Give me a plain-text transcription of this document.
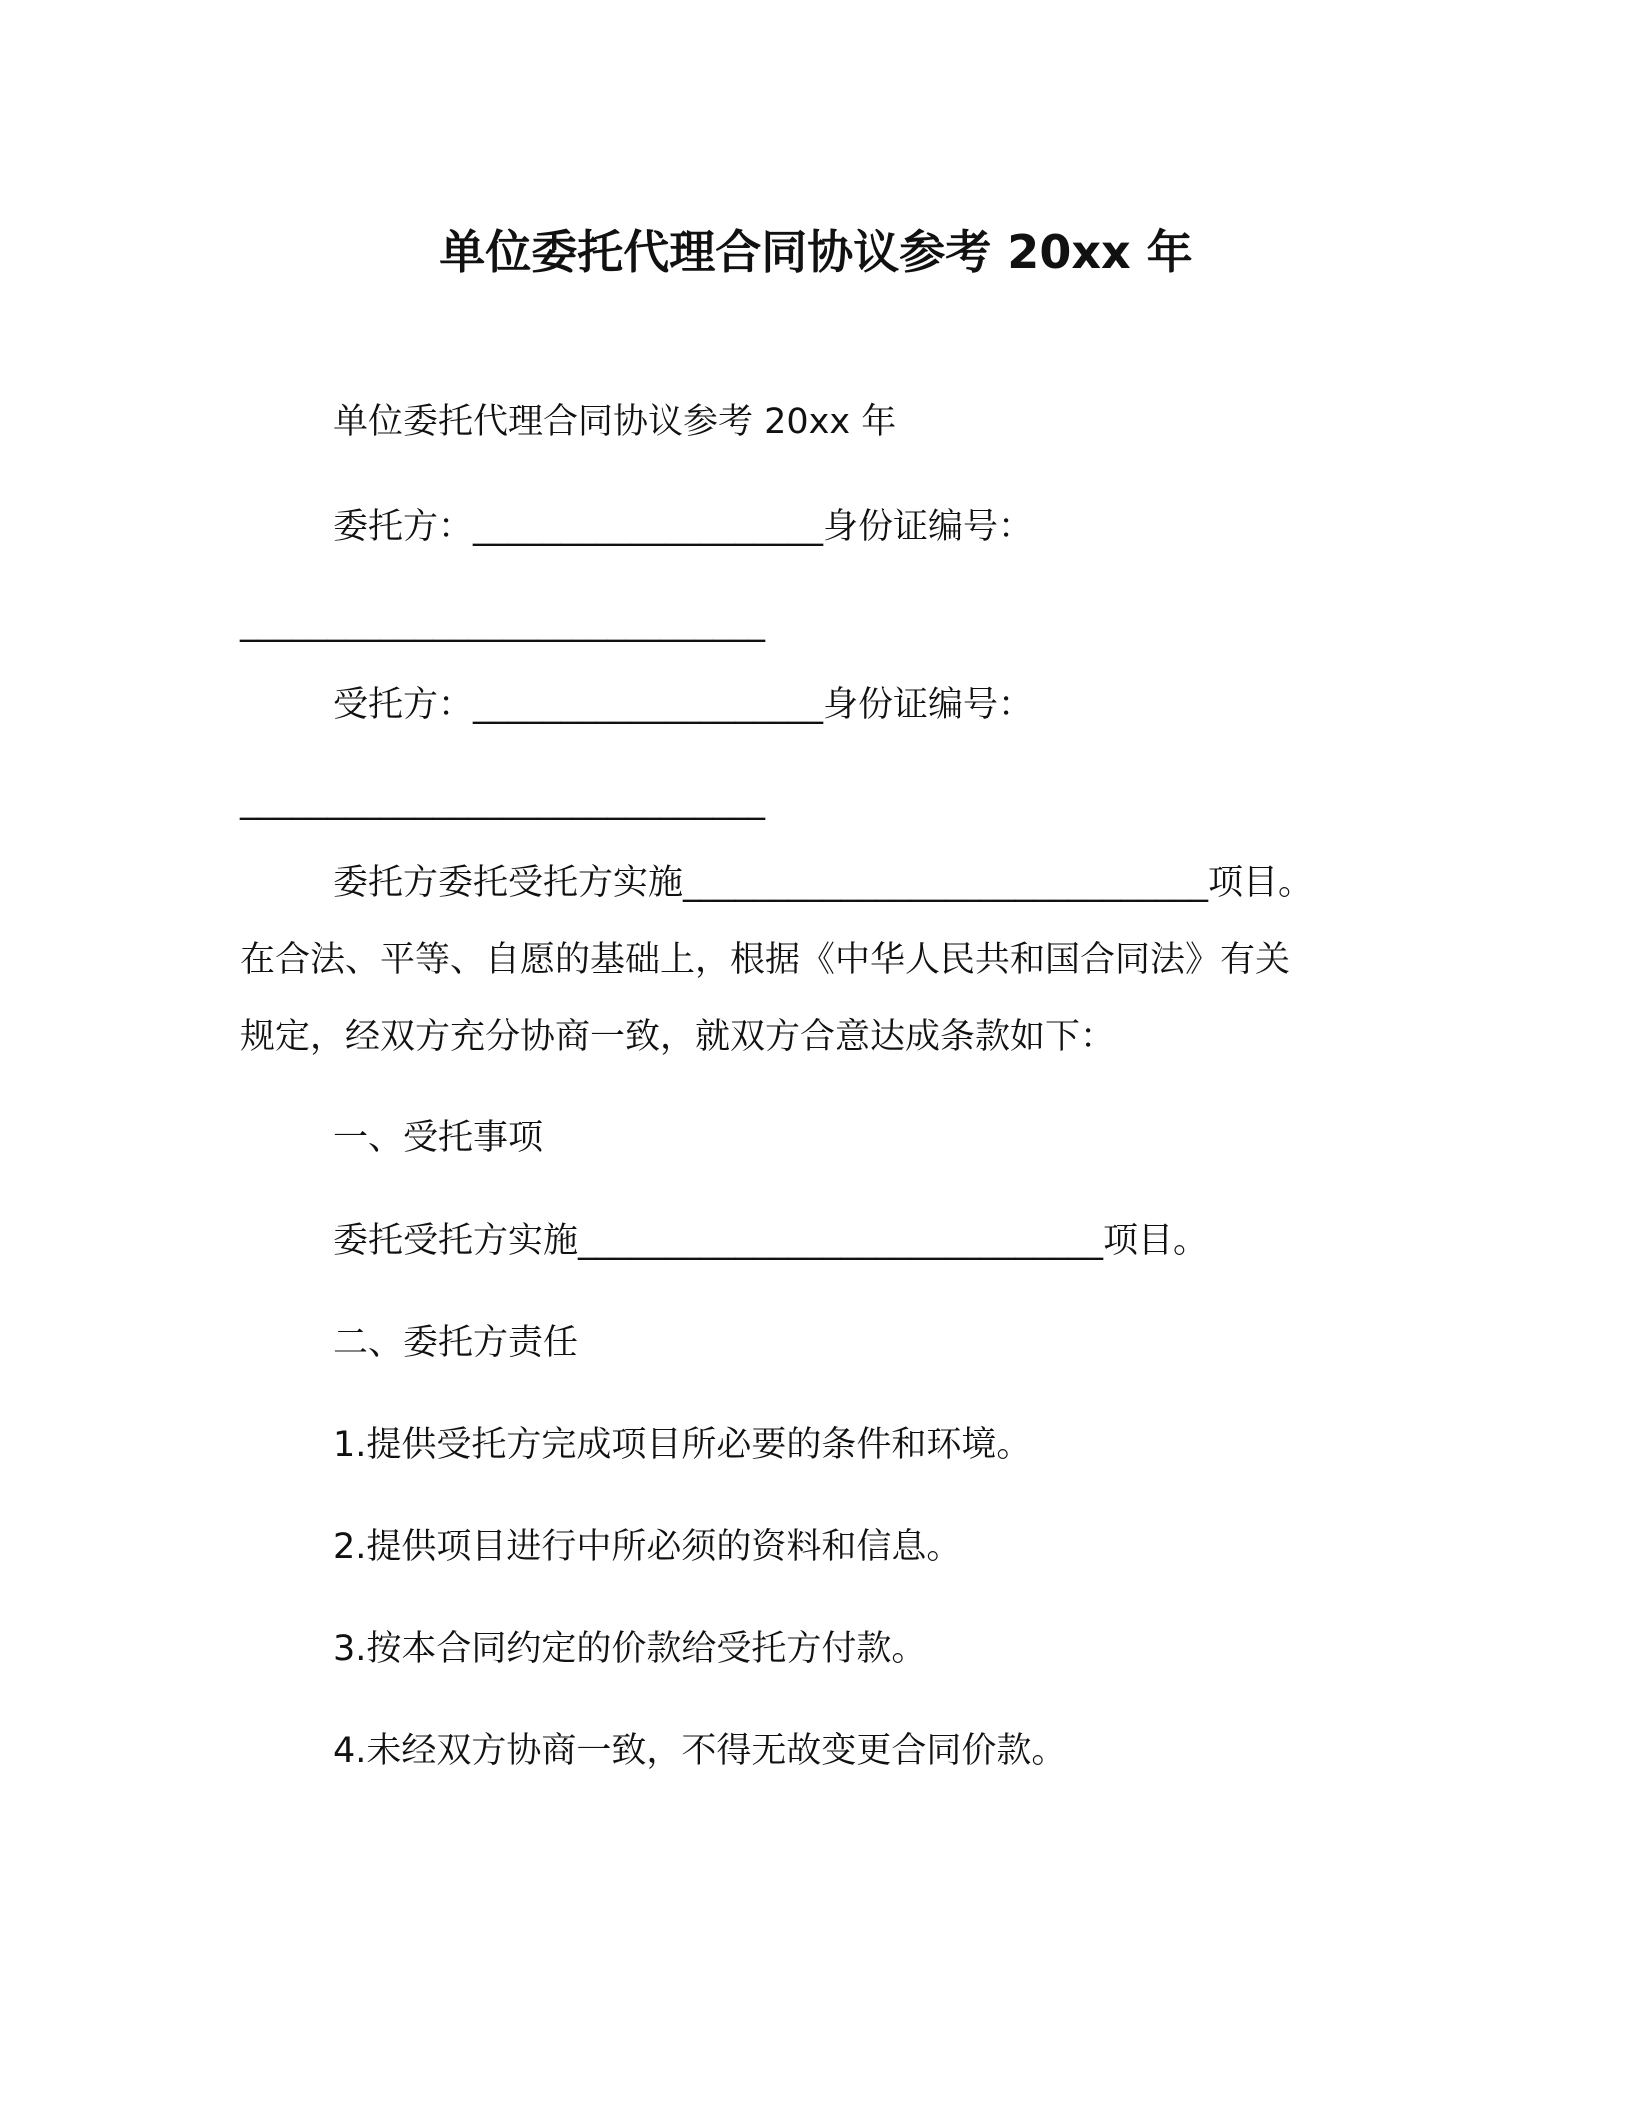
单位委托代理合同协议参考 20xx 年
单位委托代理合同协议参考 20xx 年
委托方：____________________身份证编号：
______________________________
受托方：____________________身份证编号：
______________________________
委托方委托受托方实施______________________________项目。
在合法、平等、自愿的基础上，根据《中华人民共和国合同法》有关
规定，经双方充分协商一致，就双方合意达成条款如下：
一、受托事项
委托受托方实施______________________________项目。
二、委托方责任
1.提供受托方完成项目所必要的条件和环境。
2.提供项目进行中所必须的资料和信息。
3.按本合同约定的价款给受托方付款。
4.未经双方协商一致，不得无故变更合同价款。
